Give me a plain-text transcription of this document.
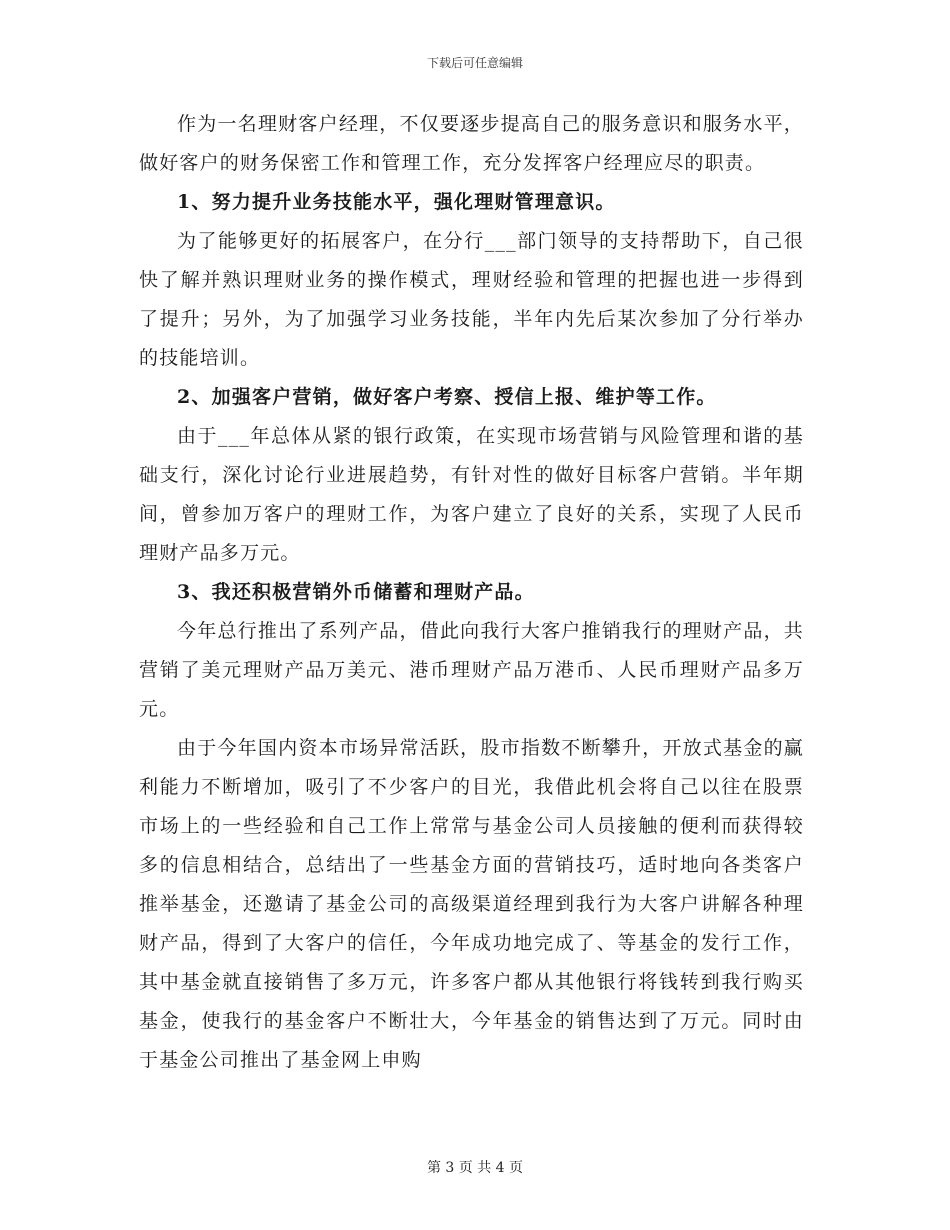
下载后可任意编辑

作为一名理财客户经理，不仅要逐步提高自己的服务意识和服务水平，做好客户的财务保密工作和管理工作，充分发挥客户经理应尽的职责。

1、努力提升业务技能水平，强化理财管理意识。

为了能够更好的拓展客户，在分行___部门领导的支持帮助下，自己很快了解并熟识理财业务的操作模式，理财经验和管理的把握也进一步得到了提升；另外，为了加强学习业务技能，半年内先后某次参加了分行举办的技能培训。

2、加强客户营销，做好客户考察、授信上报、维护等工作。

由于___年总体从紧的银行政策，在实现市场营销与风险管理和谐的基础支行，深化讨论行业进展趋势，有针对性的做好目标客户营销。半年期间，曾参加万客户的理财工作，为客户建立了良好的关系，实现了人民币理财产品多万元。

3、我还积极营销外币储蓄和理财产品。

今年总行推出了系列产品，借此向我行大客户推销我行的理财产品，共营销了美元理财产品万美元、港币理财产品万港币、人民币理财产品多万元。

由于今年国内资本市场异常活跃，股市指数不断攀升，开放式基金的赢利能力不断增加，吸引了不少客户的目光，我借此机会将自己以往在股票市场上的一些经验和自己工作上常常与基金公司人员接触的便利而获得较多的信息相结合，总结出了一些基金方面的营销技巧，适时地向各类客户推举基金，还邀请了基金公司的高级渠道经理到我行为大客户讲解各种理财产品，得到了大客户的信任，今年成功地完成了、等基金的发行工作，其中基金就直接销售了多万元，许多客户都从其他银行将钱转到我行购买基金，使我行的基金客户不断壮大，今年基金的销售达到了万元。同时由于基金公司推出了基金网上申购

第 3 页 共 4 页
